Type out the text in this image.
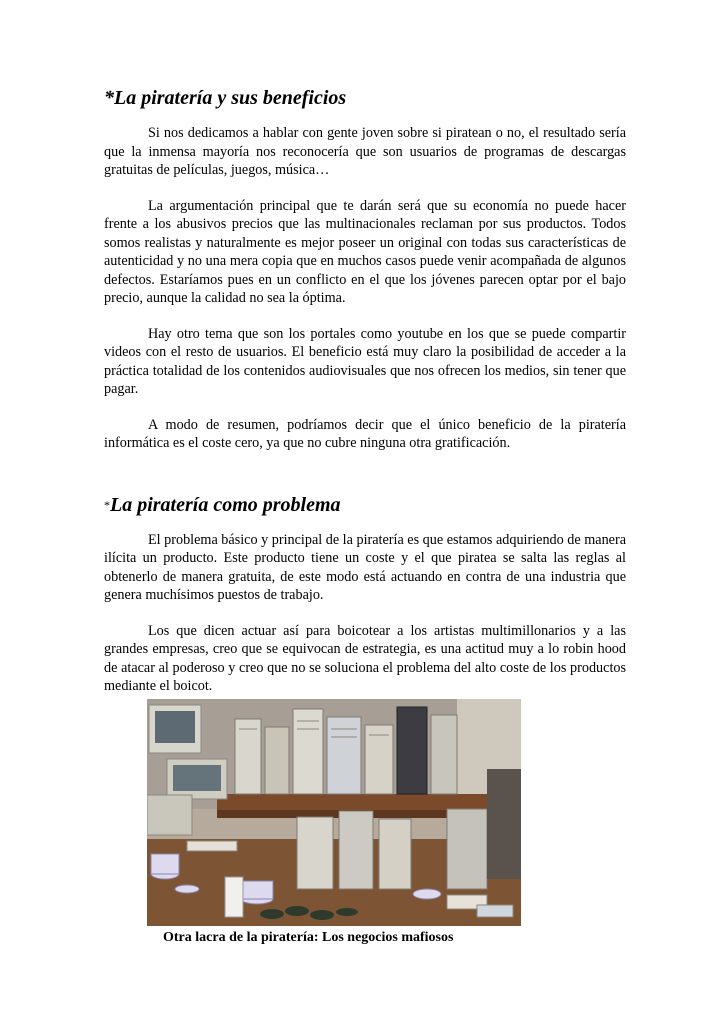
*La piratería y sus beneficios

Si nos dedicamos a hablar con gente joven sobre si piratean o no, el resultado sería que la inmensa mayoría nos reconocería que son usuarios de programas de descargas gratuitas de películas, juegos, música…

La argumentación principal que te darán será que su economía no puede hacer frente a los abusivos precios que las multinacionales reclaman por sus productos. Todos somos realistas y naturalmente es mejor poseer un original con todas sus características de autenticidad y no una mera copia que en muchos casos puede venir acompañada de algunos defectos. Estaríamos pues en un conflicto en el que los jóvenes parecen optar por el bajo precio, aunque la calidad no sea la óptima.

Hay otro tema que son los portales como youtube en los que se puede compartir videos con el resto de usuarios. El beneficio está muy claro la posibilidad de acceder a la práctica totalidad de los contenidos audiovisuales que nos ofrecen los medios, sin tener que pagar.

A modo de resumen, podríamos decir que el único beneficio de la piratería informática es el coste cero, ya que no cubre ninguna otra gratificación.

*La piratería como problema

El problema básico y principal de la piratería es que estamos adquiriendo de manera ilícita un producto. Este producto tiene un coste y el que piratea se salta las reglas al obtenerlo de manera gratuita, de este modo está actuando en contra de una industria que genera muchísimos puestos de trabajo.

Los que dicen actuar así para boicotear a los artistas multimillonarios y a las grandes empresas, creo que se equivocan de estrategia, es una actitud muy a lo robin hood de atacar al poderoso y creo que no se soluciona el problema del alto coste de los productos mediante el boicot.

Otra lacra de la piratería: Los negocios mafiosos
